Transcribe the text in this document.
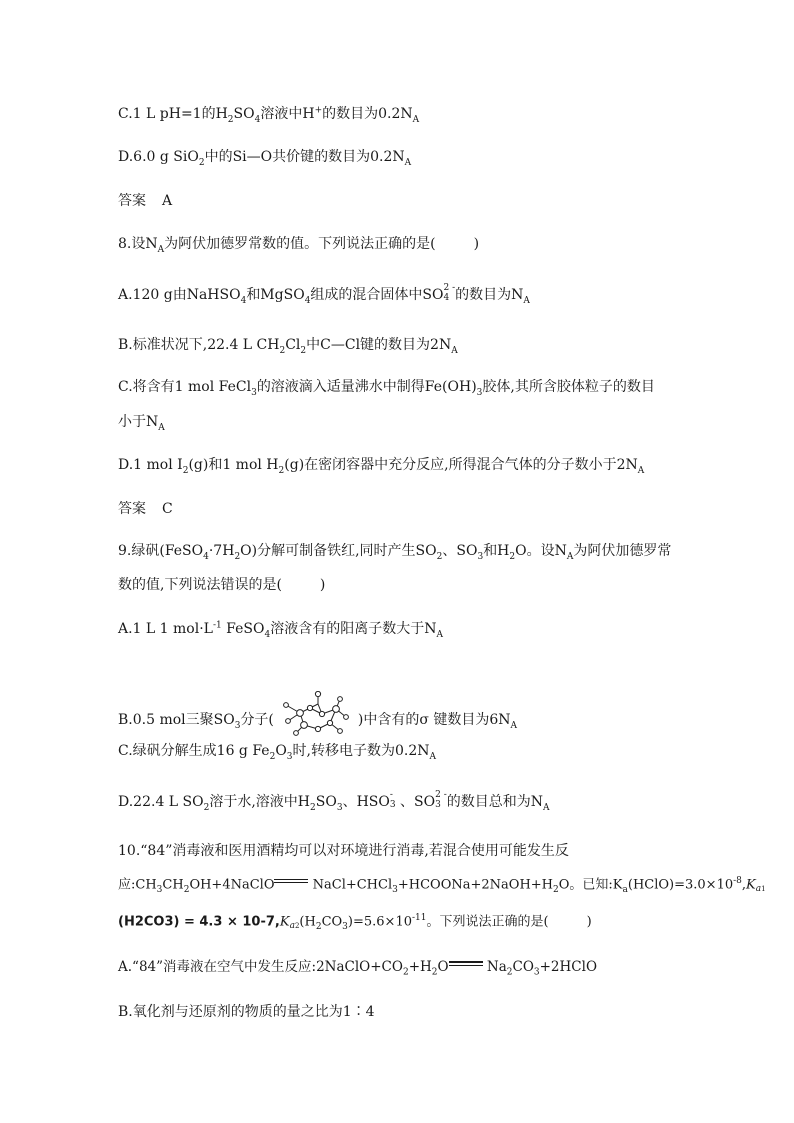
C.1 L pH=1的$H_2SO_4$溶液中H+的数目为$0.2N_A$
D.6.0 g SiO$_2$中的Si—O共价键的数目为$0.2N_A$
答案 A
8.设$N_A$为阿伏加德罗常数的值。下列说法正确的是(	)
A.120 g由NaHSO$_4$和MgSO$_4$组成的混合固体中SO 2 -
4 的数目为$N_A$
B.标准状况下,22.4 L $CH_2Cl_2$中C—Cl键的数目为$2N_A$
C.将含有1 mol FeCl$_3$的溶液滴入适量沸水中制得$Fe(OH)_3$胶体,其所含胶体粒子的数目
小于$N_A$
D.1 mol $I_2(g)$和1 mol $H_2(g)$在密闭容器中充分反应,所得混合气体的分子数小于$2N_A$
答案 C
9.绿矾$(FeSO_4\cdot 7H_2O)$分解可制备铁红,同时产生$SO_2$、$SO_3$和$H_2O$。设$N_A$为阿伏加德罗常
数的值,下列说法错误的是(	)
A.1 L 1 $mol\cdot L^{-1}$ FeSO$_4$溶液含有的阳离子数大于$N_A$
B.0.5 mol三聚$SO_3$分子(	)中含有的σ 键数目为$6N_A$
C.绿矾分解生成16 g $Fe_2O_3$时,转移电子数为$0.2N_A$
D.22.4 L $SO_2$溶于水,溶液中$H_2SO_3$、HSO -
3 、SO 2 -
3 的数目总和为$N_A$
10.“84”消毒液和医用酒精均可以对环境进行消毒,若混合使用可能发生反
应$:CH_3CH_2OH+4NaClO$	$NaCl+CHCl_3+HCOONa+2NaOH+H_2O$。已知$:K_a(HClO)=3.0\times 10^{-8},Ka1$
$(H2CO3) = 4.3 \times 10-7,Ka2(H_2CO_3)=5.6\times 10^{-11}$。下列说法正确的是(	)
A.“84”消毒液在空气中发生反应$:2NaClO+CO_2+H_2O$	$Na_2CO_3+2HClO$
B.氧化剂与还原剂的物质的量之比为1∶4
